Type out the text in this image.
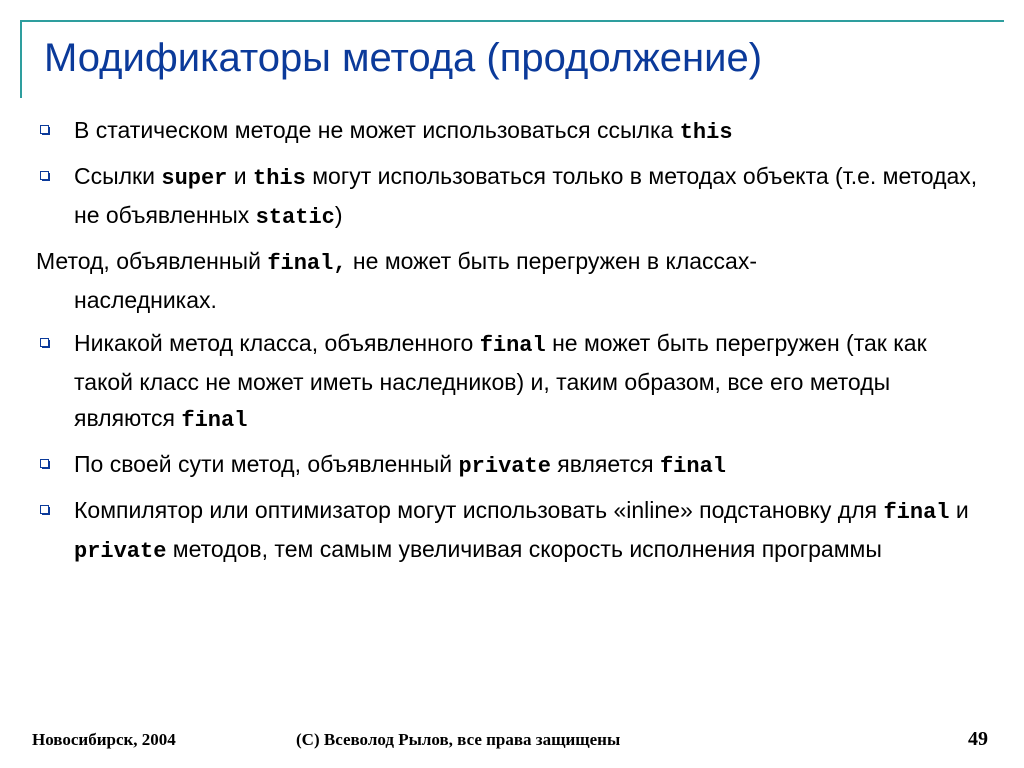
Модификаторы метода (продолжение)
В статическом методе не может использоваться ссылка this
Ссылки super и this могут использоваться только в методах объекта (т.е. методах, не объявленных static)
Метод, объявленный final, не может быть перегружен в классах-
наследниках.
Никакой метод класса, объявленного final не может быть перегружен (так как такой класс не может иметь наследников) и, таким образом, все его методы являются final
По своей сути метод, объявленный private является final
Компилятор или оптимизатор могут использовать «inline» подстановку для final и private методов, тем самым увеличивая скорость исполнения программы
Новосибирск, 2004	(C) Всеволод Рылов, все права защищены	49
